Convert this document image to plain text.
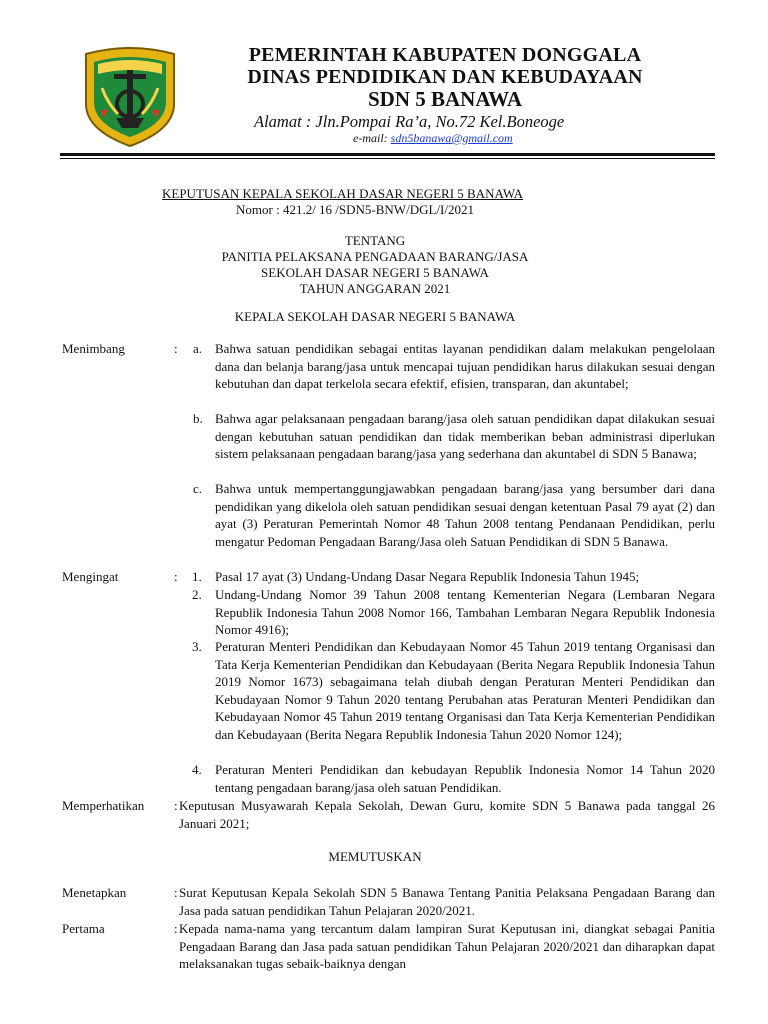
PEMERINTAH KABUPATEN DONGGALA
DINAS PENDIDIKAN DAN KEBUDAYAAN
SDN 5 BANAWA
Alamat : Jln.Pompai Ra’a, No.72 Kel.Boneoge
e-mail: sdn5banawa@gmail.com
KEPUTUSAN KEPALA SEKOLAH DASAR NEGERI 5 BANAWA
Nomor : 421.2/ 16 /SDN5-BNW/DGL/I/2021
TENTANG
PANITIA PELAKSANA PENGADAAN BARANG/JASA
SEKOLAH DASAR NEGERI 5 BANAWA
TAHUN ANGGARAN 2021
KEPALA SEKOLAH DASAR NEGERI 5 BANAWA
Menimbang	: a. Bahwa satuan pendidikan sebagai entitas layanan pendidikan dalam melakukan pengelolaan dana dan belanja barang/jasa untuk mencapai tujuan pendidikan harus dilakukan sesuai dengan kebutuhan dan dapat terkelola secara efektif, efisien, transparan, dan akuntabel;
b. Bahwa agar pelaksanaan pengadaan barang/jasa oleh satuan pendidikan dapat dilakukan sesuai dengan kebutuhan satuan pendidikan dan tidak memberikan beban administrasi diperlukan sistem pelaksanaan pengadaan barang/jasa yang sederhana dan akuntabel di SDN 5 Banawa;
c. Bahwa untuk mempertanggungjawabkan pengadaan barang/jasa yang bersumber dari dana pendidikan yang dikelola oleh satuan pendidikan sesuai dengan ketentuan Pasal 79 ayat (2) dan ayat (3) Peraturan Pemerintah Nomor 48 Tahun 2008 tentang Pendanaan Pendidikan, perlu mengatur Pedoman Pengadaan Barang/Jasa oleh Satuan Pendidikan di SDN 5 Banawa.
Mengingat	: 1. Pasal 17 ayat (3) Undang-Undang Dasar Negara Republik Indonesia Tahun 1945;
2. Undang-Undang Nomor 39 Tahun 2008 tentang Kementerian Negara (Lembaran Negara Republik Indonesia Tahun 2008 Nomor 166, Tambahan Lembaran Negara Republik Indonesia Nomor 4916);
3. Peraturan Menteri Pendidikan dan Kebudayaan Nomor 45 Tahun 2019 tentang Organisasi dan Tata Kerja Kementerian Pendidikan dan Kebudayaan (Berita Negara Republik Indonesia Tahun 2019 Nomor 1673) sebagaimana telah diubah dengan Peraturan Menteri Pendidikan dan Kebudayaan Nomor 9 Tahun 2020 tentang Perubahan atas Peraturan Menteri Pendidikan dan Kebudayaan Nomor 45 Tahun 2019 tentang Organisasi dan Tata Kerja Kementerian Pendidikan dan Kebudayaan (Berita Negara Republik Indonesia Tahun 2020 Nomor 124);
4. Peraturan Menteri Pendidikan dan kebudayan Republik Indonesia Nomor 14 Tahun 2020 tentang pengadaan barang/jasa oleh satuan Pendidikan.
Memperhatikan : Keputusan Musyawarah Kepala Sekolah, Dewan Guru, komite SDN 5 Banawa pada tanggal 26 Januari 2021;
MEMUTUSKAN
Menetapkan	: Surat Keputusan Kepala Sekolah SDN 5 Banawa Tentang Panitia Pelaksana Pengadaan Barang dan Jasa pada satuan pendidikan Tahun Pelajaran 2020/2021.
Pertama	: Kepada nama-nama yang tercantum dalam lampiran Surat Keputusan ini, diangkat sebagai Panitia Pengadaan Barang dan Jasa pada satuan pendidikan Tahun Pelajaran 2020/2021 dan diharapkan dapat melaksanakan tugas sebaik-baiknya dengan
